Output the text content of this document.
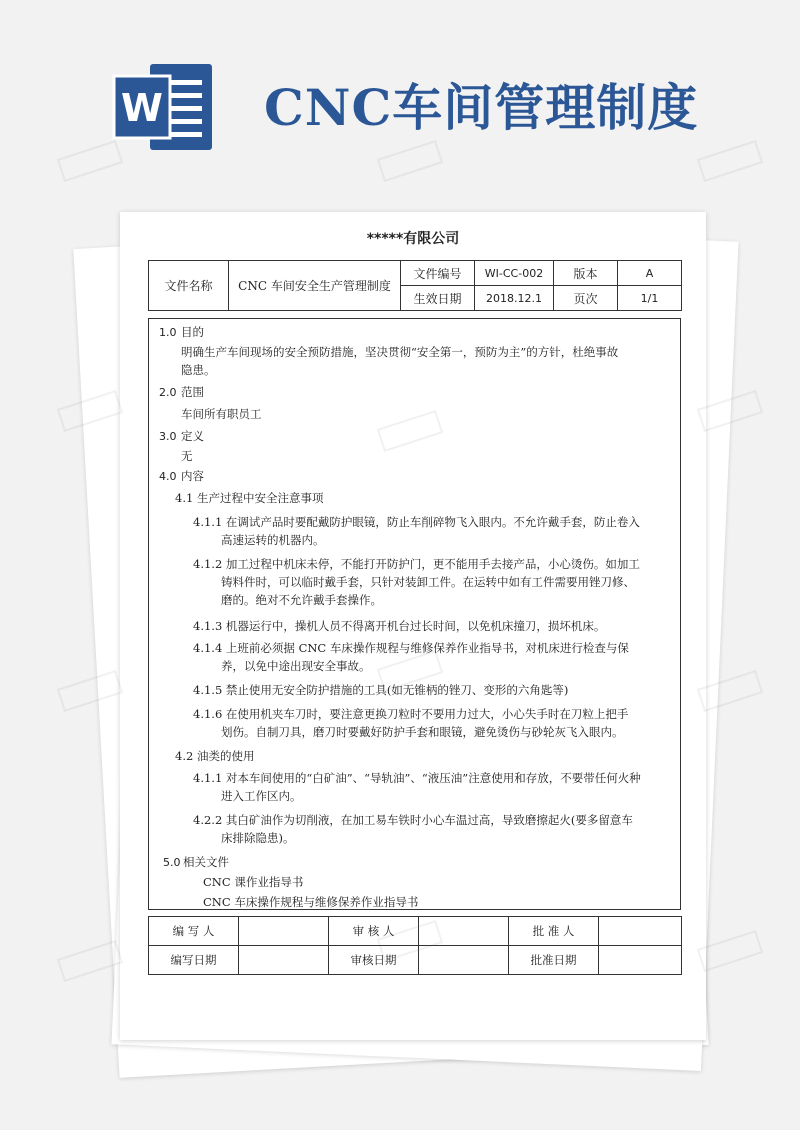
W CNC车间管理制度
*****有限公司
文件名称	CNC 车间安全生产管理制度	文件编号	WI-CC-002	版本	A
		生效日期	2018.12.1	页次	1/1
1.0 目的
明确生产车间现场的安全预防措施，坚决贯彻“安全第一，预防为主”的方针，杜绝事故
隐患。
2.0 范围
车间所有职员工
3.0 定义
无
4.0 内容
4.1 生产过程中安全注意事项
4.1.1 在调试产品时要配戴防护眼镜，防止车削碎物飞入眼内。不允许戴手套，防止卷入
高速运转的机器内。
4.1.2 加工过程中机床未停，不能打开防护门，更不能用手去接产品，小心烫伤。如加工
铸料件时，可以临时戴手套，只针对装卸工件。在运转中如有工件需要用锉刀修、
磨的。绝对不允许戴手套操作。
4.1.3 机器运行中，操机人员不得离开机台过长时间，以免机床撞刀，损坏机床。
4.1.4 上班前必须据 CNC 车床操作规程与维修保养作业指导书，对机床进行检查与保
养，以免中途出现安全事故。
4.1.5 禁止使用无安全防护措施的工具(如无锥柄的锉刀、变形的六角匙等)
4.1.6 在使用机夹车刀时，要注意更换刀粒时不要用力过大，小心失手时在刀粒上把手
划伤。自制刀具，磨刀时要戴好防护手套和眼镜，避免烫伤与砂轮灰飞入眼内。
4.2 油类的使用
4.1.1 对本车间使用的“白矿油”、“导轨油”、“液压油”注意使用和存放，不要带任何火种
进入工作区内。
4.2.2 其白矿油作为切削液，在加工易车铁时小心车温过高，导致磨擦起火(要多留意车
床排除隐患)。
5.0 相关文件
CNC 课作业指导书
CNC 车床操作规程与维修保养作业指导书
编 写 人		审 核 人		批 准 人	
编写日期		审核日期		批准日期	
